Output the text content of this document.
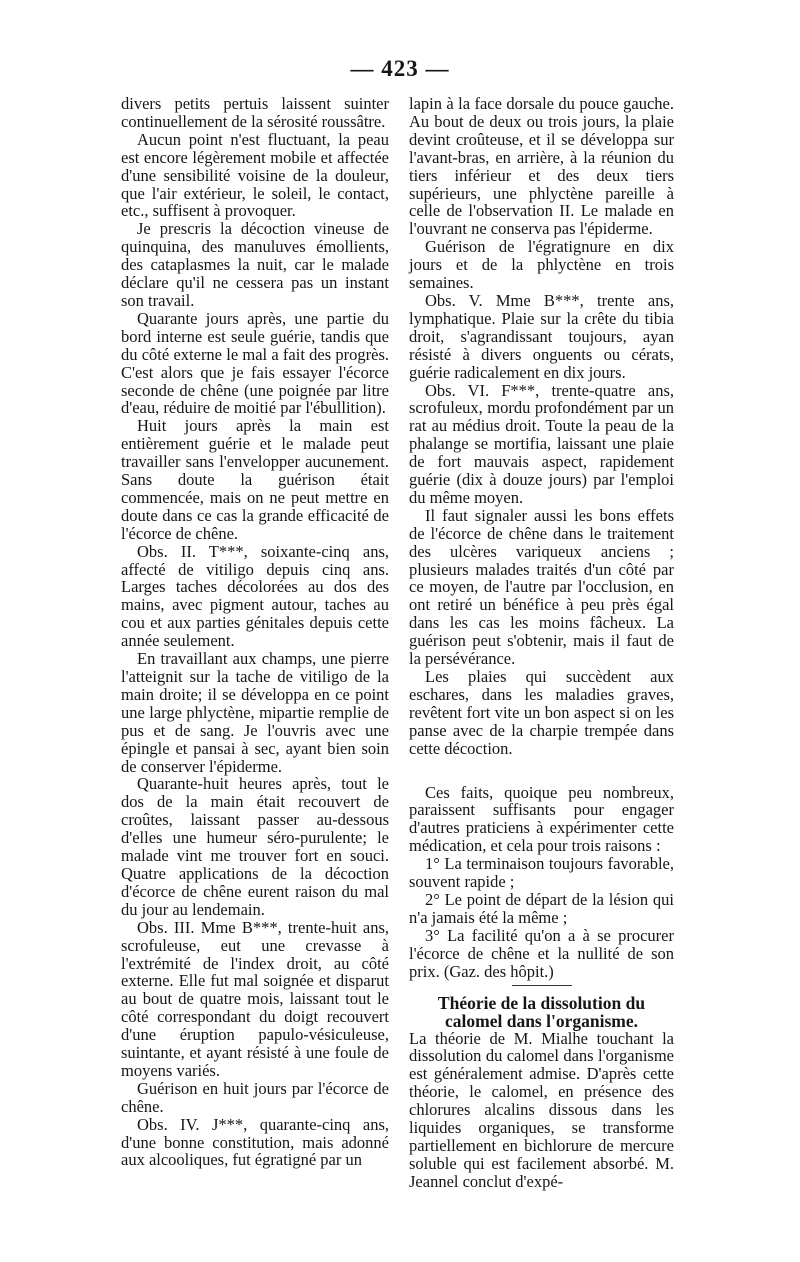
— 423 —

divers petits pertuis laissent suinter continuellement de la sérosité roussâtre.

Aucun point n'est fluctuant, la peau est encore légèrement mobile et affectée d'une sensibilité voisine de la douleur, que l'air extérieur, le soleil, le contact, etc., suffisent à provoquer.

Je prescris la décoction vineuse de quinquina, des manuluves émollients, des cataplasmes la nuit, car le malade déclare qu'il ne cessera pas un instant son travail.

Quarante jours après, une partie du bord interne est seule guérie, tandis que du côté externe le mal a fait des progrès. C'est alors que je fais essayer l'écorce seconde de chêne (une poignée par litre d'eau, réduire de moitié par l'ébullition).

Huit jours après la main est entièrement guérie et le malade peut travailler sans l'envelopper aucunement. Sans doute la guérison était commencée, mais on ne peut mettre en doute dans ce cas la grande efficacité de l'écorce de chêne.

Obs. II. T***, soixante-cinq ans, affecté de vitiligo depuis cinq ans. Larges taches décolorées au dos des mains, avec pigment autour, taches au cou et aux parties génitales depuis cette année seulement.

En travaillant aux champs, une pierre l'atteignit sur la tache de vitiligo de la main droite; il se développa en ce point une large phlyctène, mipartie remplie de pus et de sang. Je l'ouvris avec une épingle et pansai à sec, ayant bien soin de conserver l'épiderme.

Quarante-huit heures après, tout le dos de la main était recouvert de croûtes, laissant passer au-dessous d'elles une humeur séro-purulente; le malade vint me trouver fort en souci. Quatre applications de la décoction d'écorce de chêne eurent raison du mal du jour au lendemain.

Obs. III. Mme B***, trente-huit ans, scrofuleuse, eut une crevasse à l'extrémité de l'index droit, au côté externe. Elle fut mal soignée et disparut au bout de quatre mois, laissant tout le côté correspondant du doigt recouvert d'une éruption papulo-vésiculeuse, suintante, et ayant résisté à une foule de moyens variés.

Guérison en huit jours par l'écorce de chêne.

Obs. IV. J***, quarante-cinq ans, d'une bonne constitution, mais adonné aux alcooliques, fut égratigné par un

lapin à la face dorsale du pouce gauche. Au bout de deux ou trois jours, la plaie devint croûteuse, et il se développa sur l'avant-bras, en arrière, à la réunion du tiers inférieur et des deux tiers supérieurs, une phlyctène pareille à celle de l'observation II. Le malade en l'ouvrant ne conserva pas l'épiderme.

Guérison de l'égratignure en dix jours et de la phlyctène en trois semaines.

Obs. V. Mme B***, trente ans, lymphatique. Plaie sur la crête du tibia droit, s'agrandissant toujours, ayan résisté à divers onguents ou cérats, guérie radicalement en dix jours.

Obs. VI. F***, trente-quatre ans, scrofuleux, mordu profondément par un rat au médius droit. Toute la peau de la phalange se mortifia, laissant une plaie de fort mauvais aspect, rapidement guérie (dix à douze jours) par l'emploi du même moyen.

Il faut signaler aussi les bons effets de l'écorce de chêne dans le traitement des ulcères variqueux anciens ; plusieurs malades traités d'un côté par ce moyen, de l'autre par l'occlusion, en ont retiré un bénéfice à peu près égal dans les cas les moins fâcheux. La guérison peut s'obtenir, mais il faut de la persévérance.

Les plaies qui succèdent aux eschares, dans les maladies graves, revêtent fort vite un bon aspect si on les panse avec de la charpie trempée dans cette décoction.

Ces faits, quoique peu nombreux, paraissent suffisants pour engager d'autres praticiens à expérimenter cette médication, et cela pour trois raisons :

1° La terminaison toujours favorable, souvent rapide ;

2° Le point de départ de la lésion qui n'a jamais été la même ;

3° La facilité qu'on a à se procurer l'écorce de chêne et la nullité de son prix. (Gaz. des hôpit.)

Théorie de la dissolution du calomel dans l'organisme.

La théorie de M. Mialhe touchant la dissolution du calomel dans l'organisme est généralement admise. D'après cette théorie, le calomel, en présence des chlorures alcalins dissous dans les liquides organiques, se transforme partiellement en bichlorure de mercure soluble qui est facilement absorbé. M. Jeannel conclut d'expé-
